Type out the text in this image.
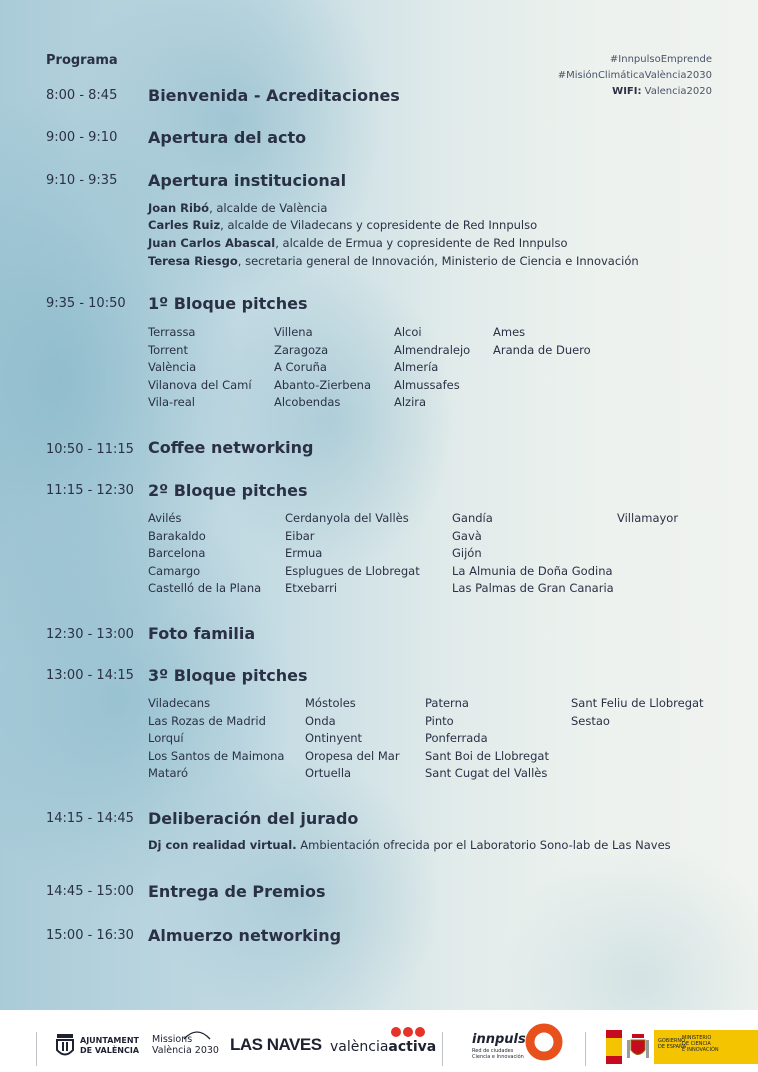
Programa	#InnpulsoEmprende
#MisiónClimáticaValència2030
WIFI: Valencia2020
8:00 - 8:45 Bienvenida - Acreditaciones
9:00 - 9:10 Apertura del acto
9:10 - 9:35 Apertura institucional
Joan Ribó, alcalde de València
Carles Ruiz, alcalde de Viladecans y copresidente de Red Innpulso
Juan Carlos Abascal, alcalde de Ermua y copresidente de Red Innpulso
Teresa Riesgo, secretaria general de Innovación, Ministerio de Ciencia e Innovación
9:35 - 10:50 1º Bloque pitches
Terrassa
Torrent
València
Vilanova del Camí
Vila-real
Villena
Zaragoza
A Coruña
Abanto-Zierbena
Alcobendas
Alcoi
Almendralejo
Almería
Almussafes
Alzira
Ames
Aranda de Duero
10:50 - 11:15 Coffee networking
11:15 - 12:30 2º Bloque pitches
Avilés
Barakaldo
Barcelona
Camargo
Castelló de la Plana
Cerdanyola del Vallès
Eibar
Ermua
Esplugues de Llobregat
Etxebarri
Gandía
Gavà
Gijón
La Almunia de Doña Godina
Las Palmas de Gran Canaria
Villamayor
12:30 - 13:00 Foto familia
13:00 - 14:15 3º Bloque pitches
Viladecans
Las Rozas de Madrid
Lorquí
Los Santos de Maimona
Mataró
Móstoles
Onda
Ontinyent
Oropesa del Mar
Ortuella
Paterna
Pinto
Ponferrada
Sant Boi de Llobregat
Sant Cugat del Vallès
Sant Feliu de Llobregat
Sestao
14:15 - 14:45 Deliberación del jurado
Dj con realidad virtual. Ambientación ofrecida por el Laboratorio Sono-lab de Las Naves
14:45 - 15:00 Entrega de Premios
15:00 - 16:30 Almuerzo networking
AJUNTAMENT
DE VALÈNCIA
Missions
València 2030 LAS NAVES valènciaactiva	innpulso
Red de ciudades
Ciencia e Innovación
GOBIERNO
DE ESPAÑA
MINISTERIO
DE CIENCIA
E INNOVACIÓN
